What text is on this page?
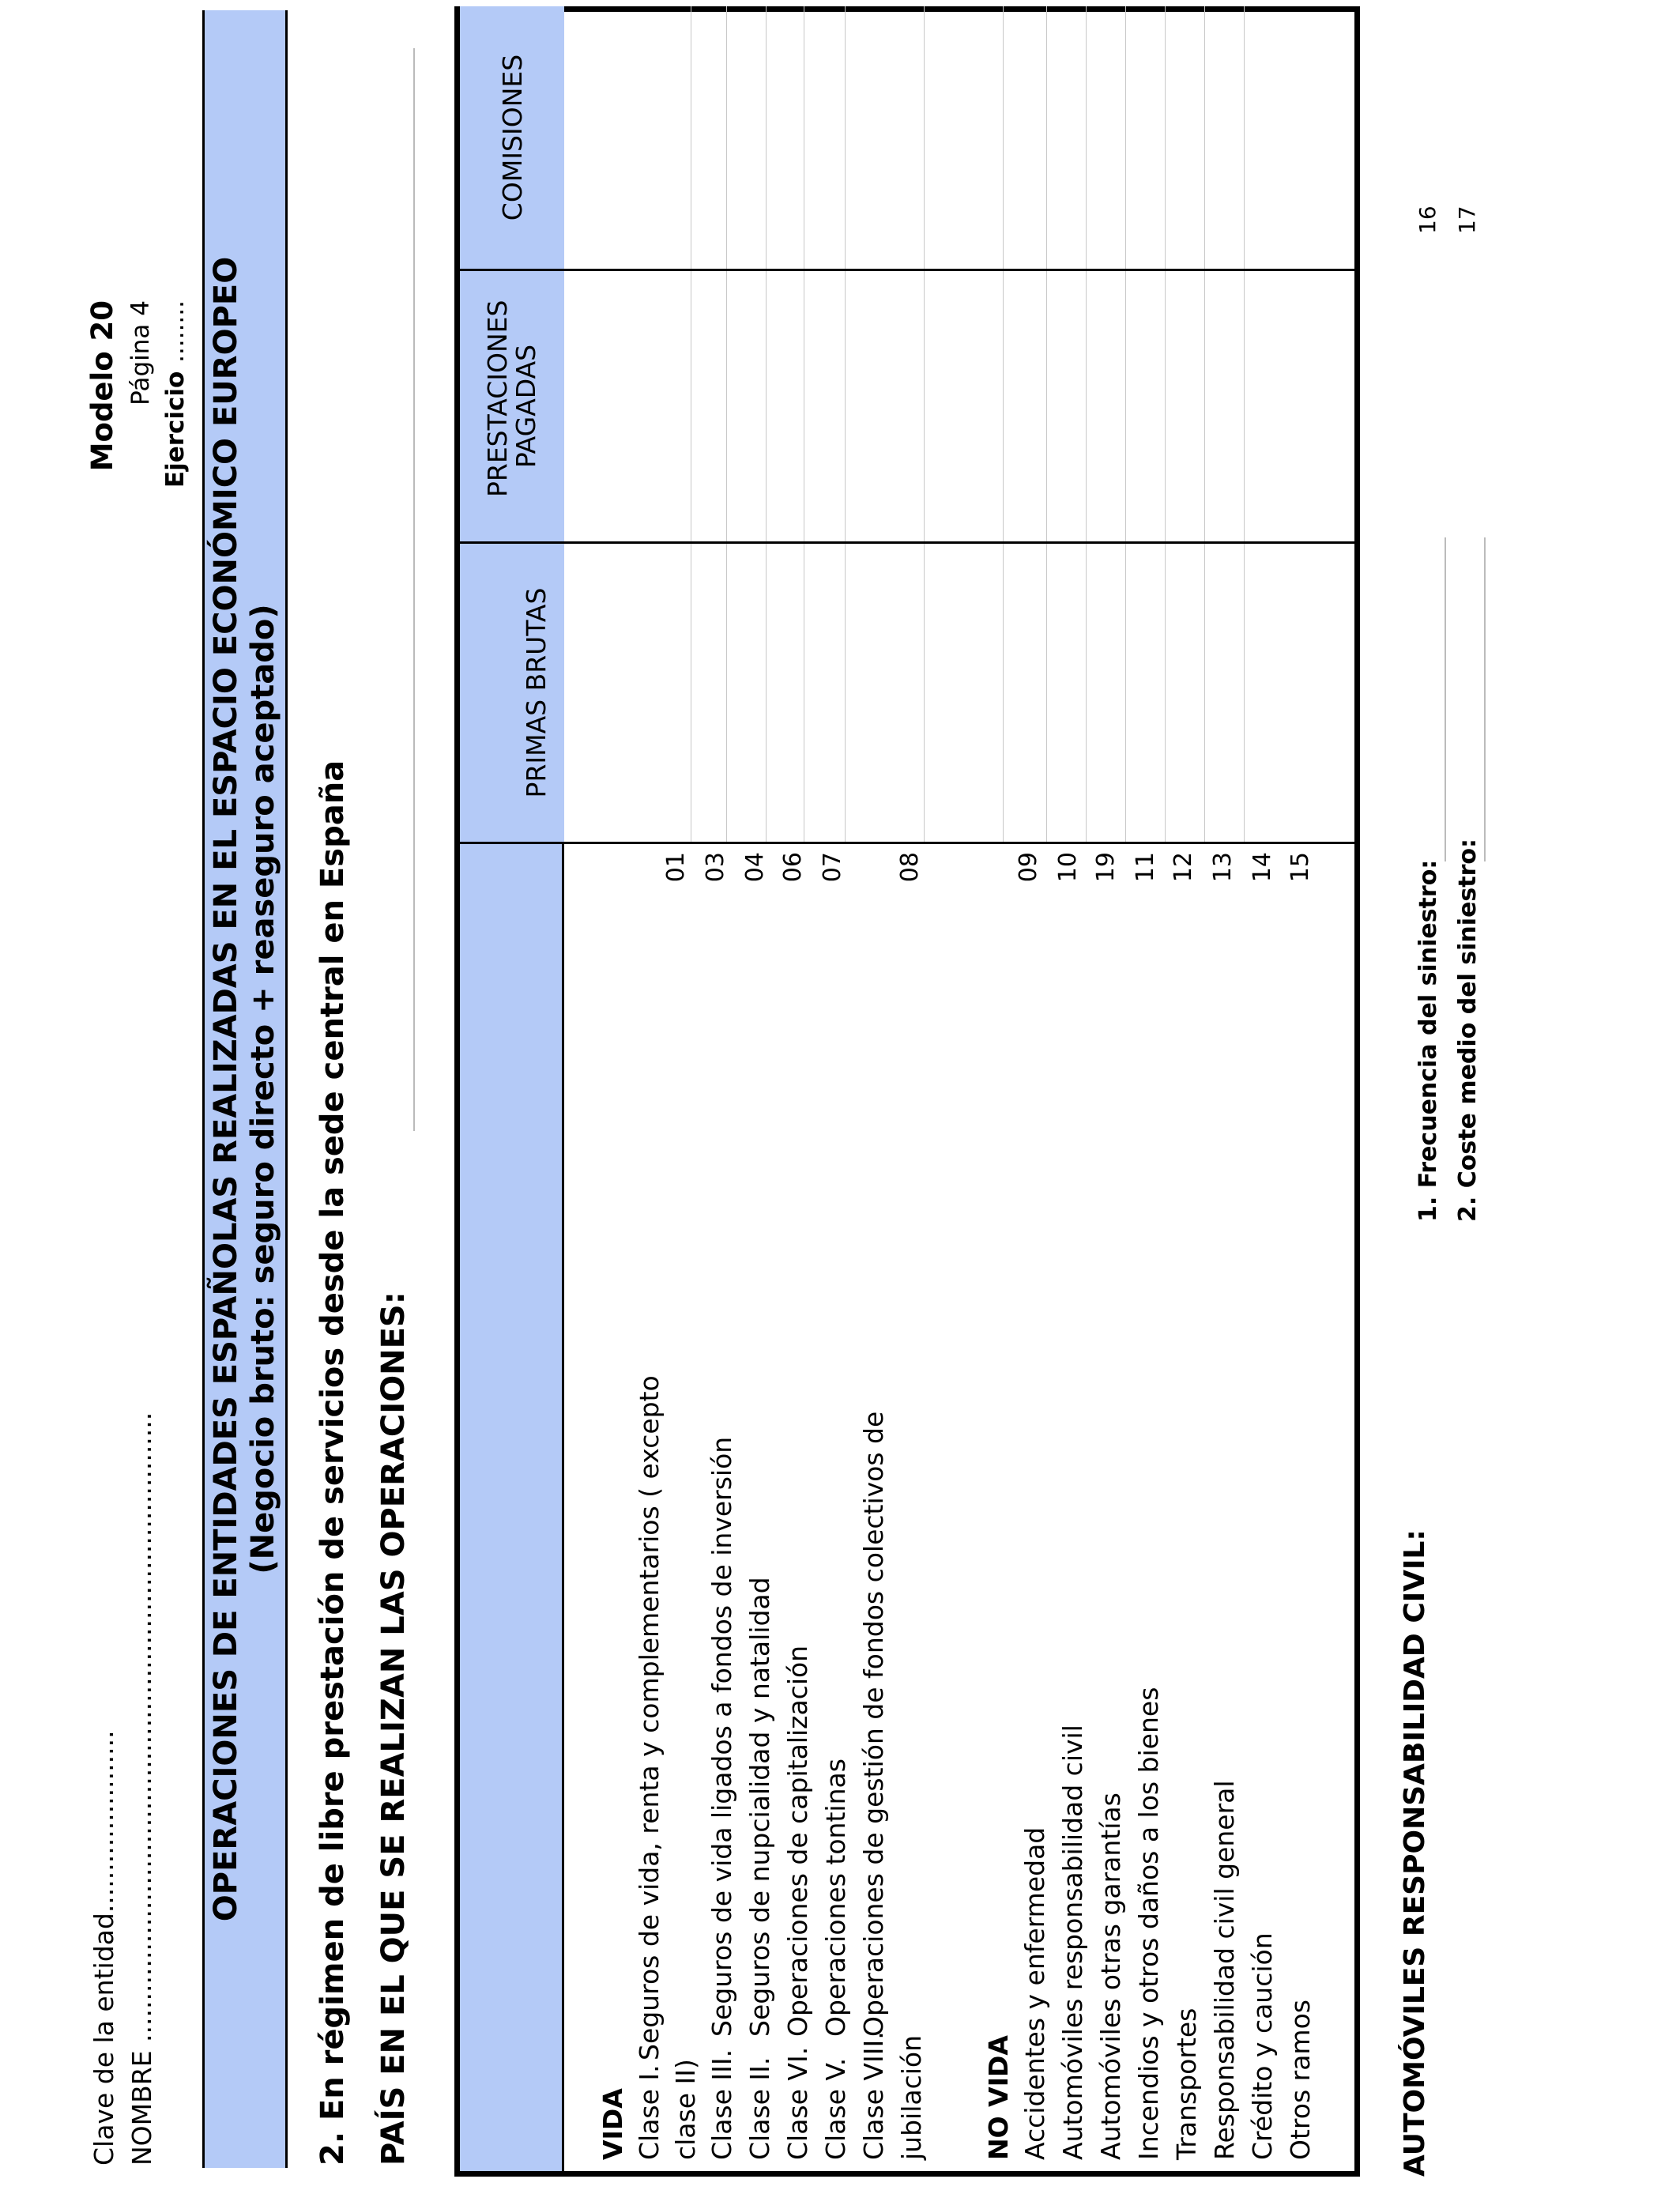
Clave de la entidad...................... NOMBRE ............................................................................
Modelo 20 Página 4
Ejercicio ........ OPERACIONES DE ENTIDADES ESPAÑOLAS REALIZADAS EN EL ESPACIO ECONÓMICO EUROPEO (Negocio bruto: seguro directo + reaseguro aceptado) 2. En régimen de libre prestación de servicios desde la sede central en España PAÍS EN EL QUE SE REALIZAN LAS OPERACIONES:
PRIMAS BRUTAS
PRESTACIONES PAGADAS
COMISIONES
VIDA Clase I.
Seguros de vida, renta y complementarios ( excepto
clase II)
01
Clase III.
Seguros de vida ligados a fondos de inversión
03
Clase II.
Seguros de nupcialidad y natalidad
04
Clase VI.
Operaciones de capitalización
06
Clase V.
Operaciones tontinas
07
Clase VIII.
Operaciones de gestión de fondos colectivos de
jubilación
08
NO VIDA Accidentes y enfermedad
09
Automóviles responsabilidad civil
10
Automóviles otras garantías
19
Incendios y otros daños a los bienes
11
Transportes
12
Responsabilidad civil general
13
Crédito y caución
14
Otros ramos
15
AUTOMÓVILES RESPONSABILIDAD CIVIL:
1. Frecuencia del siniestro:
16
2. Coste medio del siniestro:
17
